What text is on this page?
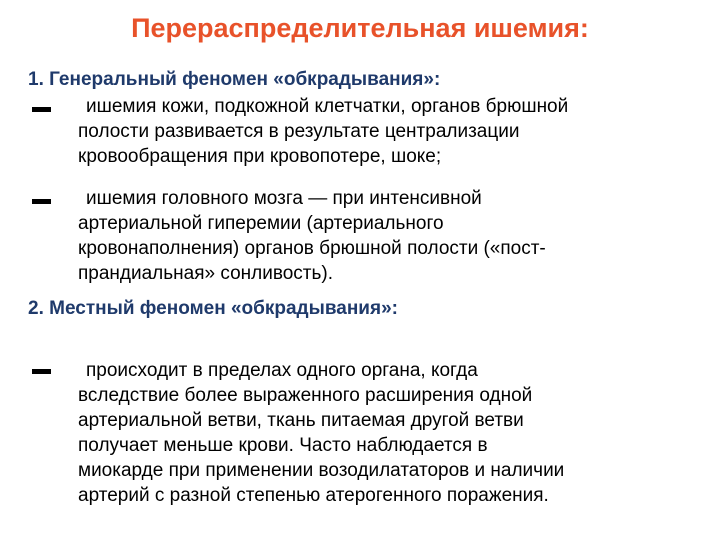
Перераспределительная ишемия:
1. Генеральный феномен «обкрадывания»:
ишемия кожи, подкожной клетчатки, органов брюшной
полости развивается в результате централизации
кровообращения при кровопотере, шоке;
ишемия головного мозга — при интенсивной
артериальной гиперемии (артериального
кровонаполнения) органов брюшной полости («пост-
прандиальная» сонливость).
2. Местный феномен «обкрадывания»:
происходит в пределах одного органа, когда
вследствие более выраженного расширения одной
артериальной ветви, ткань питаемая другой ветви
получает меньше крови. Часто наблюдается в
миокарде при применении возодилататоров и наличии
артерий с разной степенью атерогенного поражения.
